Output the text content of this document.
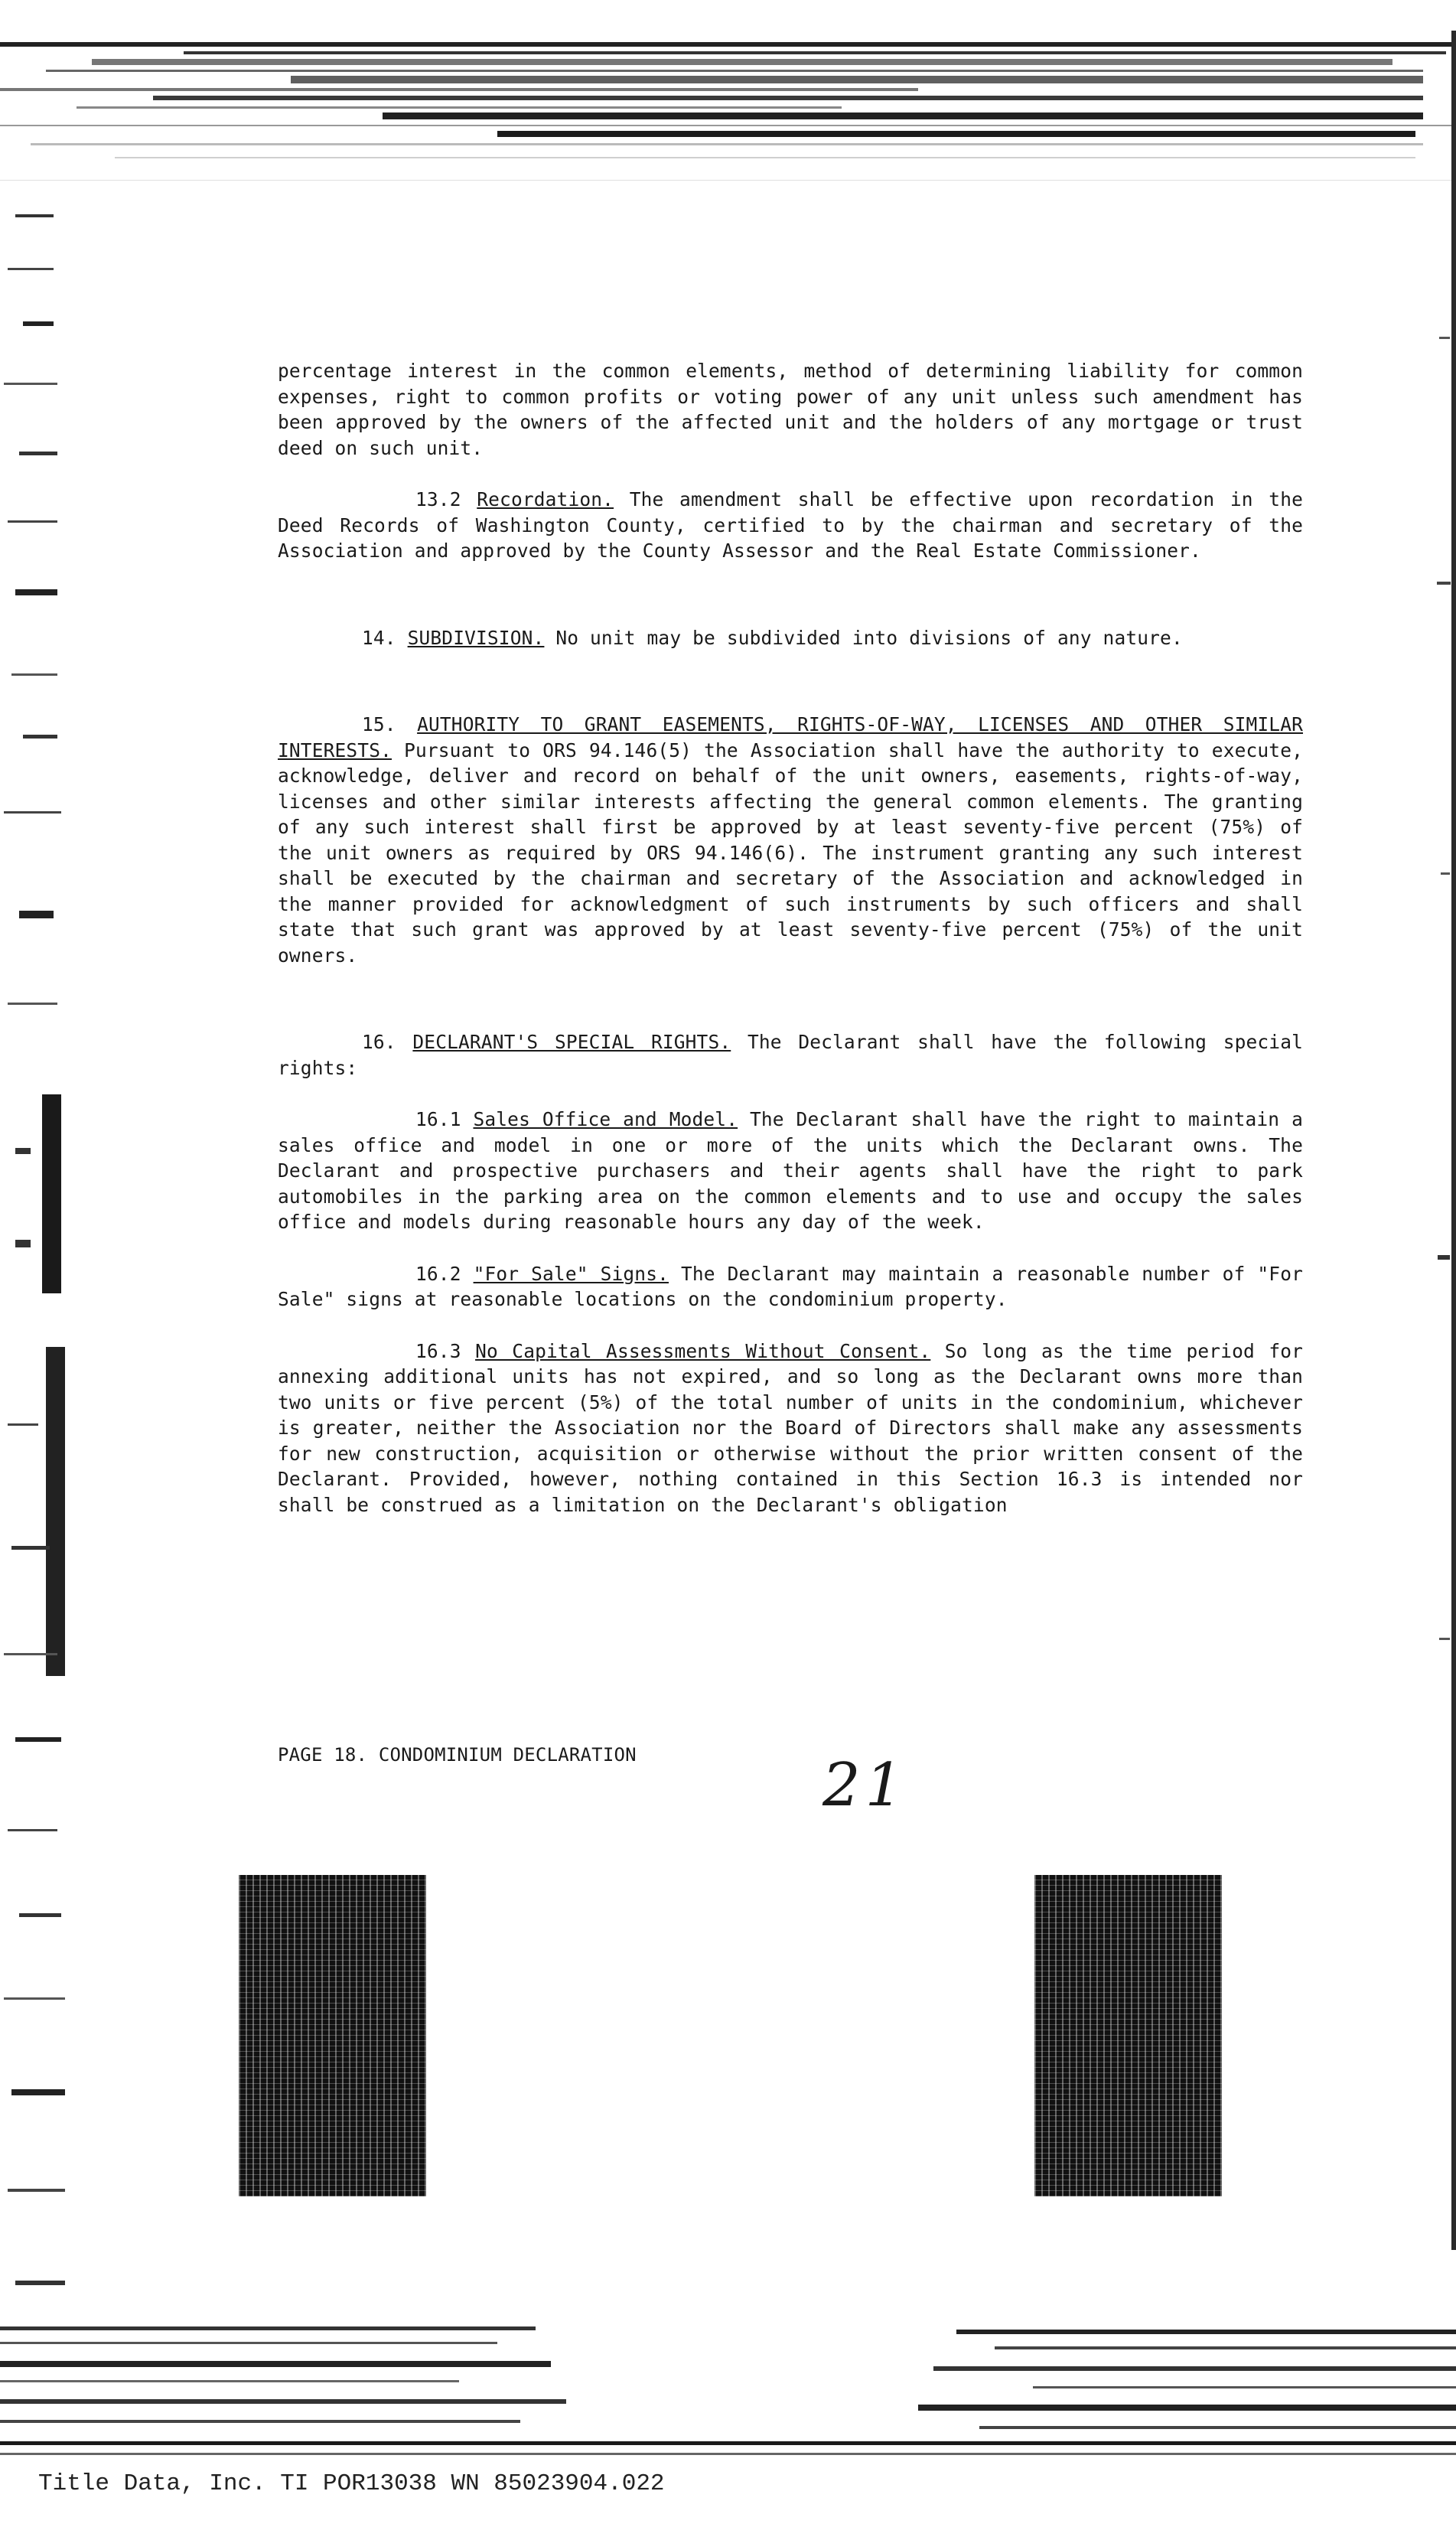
percentage interest in the common elements, method of determining liability for common expenses, right to common profits or voting power of any unit unless such amendment has been approved by the owners of the affected unit and the holders of any mortgage or trust deed on such unit.

13.2 Recordation. The amendment shall be effective upon recordation in the Deed Records of Washington County, certified to by the chairman and secretary of the Association and approved by the County Assessor and the Real Estate Commissioner.

14. SUBDIVISION. No unit may be subdivided into divisions of any nature.

15. AUTHORITY TO GRANT EASEMENTS, RIGHTS-OF-WAY, LICENSES AND OTHER SIMILAR INTERESTS. Pursuant to ORS 94.146(5) the Association shall have the authority to execute, acknowledge, deliver and record on behalf of the unit owners, easements, rights-of-way, licenses and other similar interests affecting the general common elements. The granting of any such interest shall first be approved by at least seventy-five percent (75%) of the unit owners as required by ORS 94.146(6). The instrument granting any such interest shall be executed by the chairman and secretary of the Association and acknowledged in the manner provided for acknowledgment of such instruments by such officers and shall state that such grant was approved by at least seventy-five percent (75%) of the unit owners.

16. DECLARANT'S SPECIAL RIGHTS. The Declarant shall have the following special rights:

16.1 Sales Office and Model. The Declarant shall have the right to maintain a sales office and model in one or more of the units which the Declarant owns. The Declarant and prospective purchasers and their agents shall have the right to park automobiles in the parking area on the common elements and to use and occupy the sales office and models during reasonable hours any day of the week.

16.2 "For Sale" Signs. The Declarant may maintain a reasonable number of "For Sale" signs at reasonable locations on the condominium property.

16.3 No Capital Assessments Without Consent. So long as the time period for annexing additional units has not expired, and so long as the Declarant owns more than two units or five percent (5%) of the total number of units in the condominium, whichever is greater, neither the Association nor the Board of Directors shall make any assessments for new construction, acquisition or otherwise without the prior written consent of the Declarant. Provided, however, nothing contained in this Section 16.3 is intended nor shall be construed as a limitation on the Declarant's obligation

PAGE 18. CONDOMINIUM DECLARATION	21
Title Data, Inc. TI POR13038 WN 85023904.022
